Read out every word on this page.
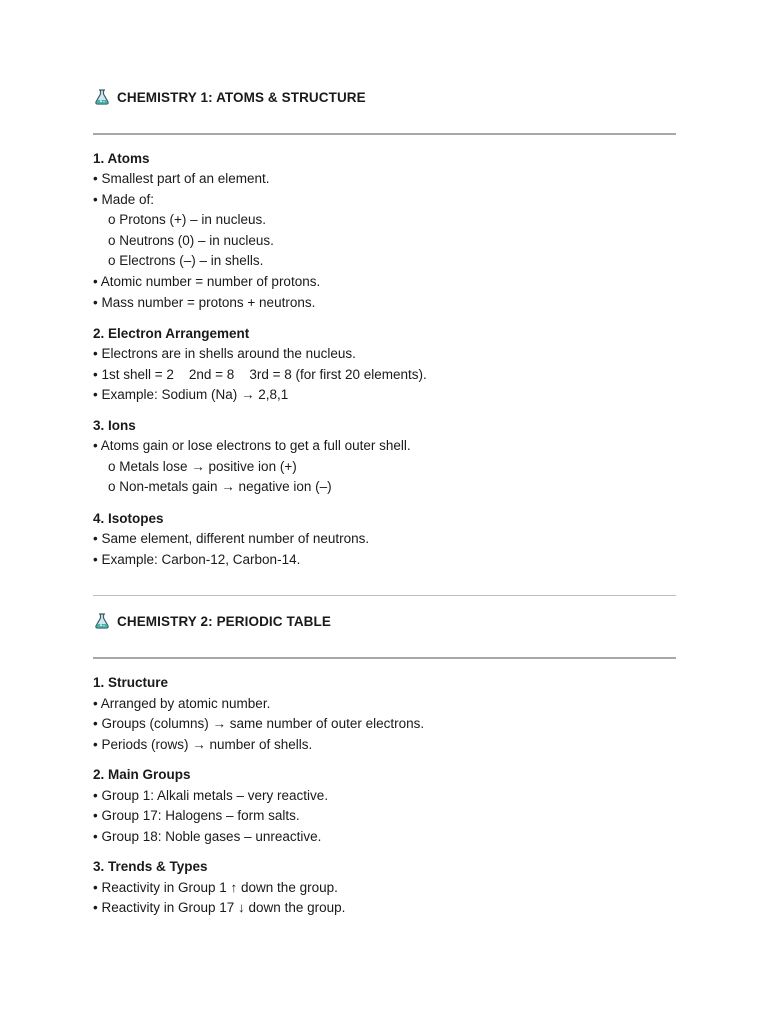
CHEMISTRY 1: ATOMS & STRUCTURE
1. Atoms
• Smallest part of an element.
• Made of:
o Protons (+) – in nucleus.
o Neutrons (0) – in nucleus.
o Electrons (–) – in shells.
• Atomic number = number of protons.
• Mass number = protons + neutrons.
2. Electron Arrangement
• Electrons are in shells around the nucleus.
• 1st shell = 2    2nd = 8    3rd = 8 (for first 20 elements).
• Example: Sodium (Na) → 2,8,1
3. Ions
• Atoms gain or lose electrons to get a full outer shell.
o Metals lose → positive ion (+)
o Non-metals gain → negative ion (–)
4. Isotopes
• Same element, different number of neutrons.
• Example: Carbon-12, Carbon-14.
CHEMISTRY 2: PERIODIC TABLE
1. Structure
• Arranged by atomic number.
• Groups (columns) → same number of outer electrons.
• Periods (rows) → number of shells.
2. Main Groups
• Group 1: Alkali metals – very reactive.
• Group 17: Halogens – form salts.
• Group 18: Noble gases – unreactive.
3. Trends & Types
• Reactivity in Group 1 ↑ down the group.
• Reactivity in Group 17 ↓ down the group.
